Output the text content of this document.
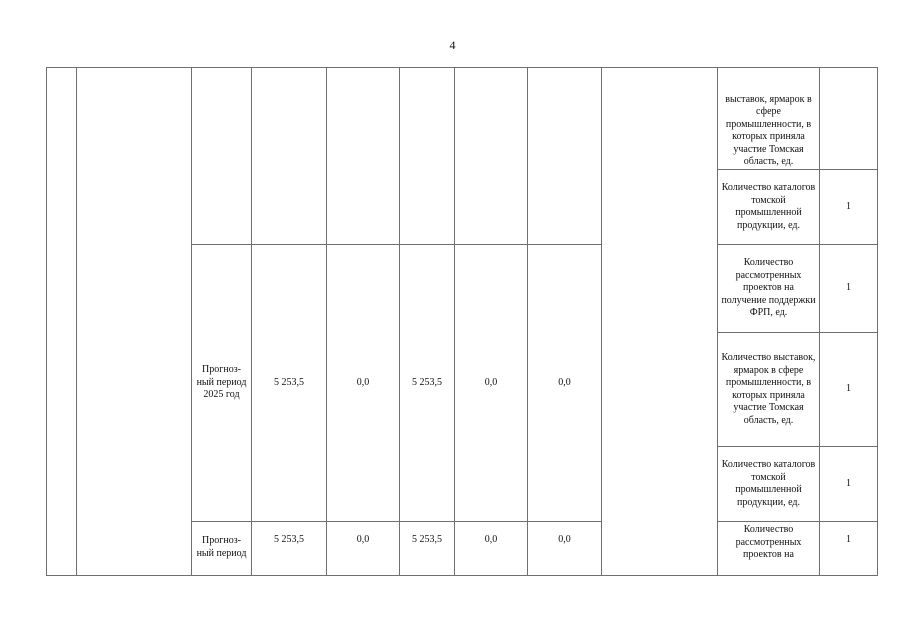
4

									выставок, ярмарок в сфере промышленности, в которых приняла участие Томская область, ед.	

									Количество каталогов томской промышленной продукции, ед.	1
		Прогноз-ный период 2025 год	5 253,5	0,0	5 253,5	0,0	0,0		Количество рассмотренных проектов на получение поддержки ФРП, ед.	1
									Количество выставок, ярмарок в сфере промышленности, в которых приняла участие Томская область, ед.	1
									Количество каталогов томской промышленной продукции, ед.	1

		Прогноз-ный период	5 253,5	0,0	5 253,5	0,0	0,0		Количество рассмотренных проектов на	1
